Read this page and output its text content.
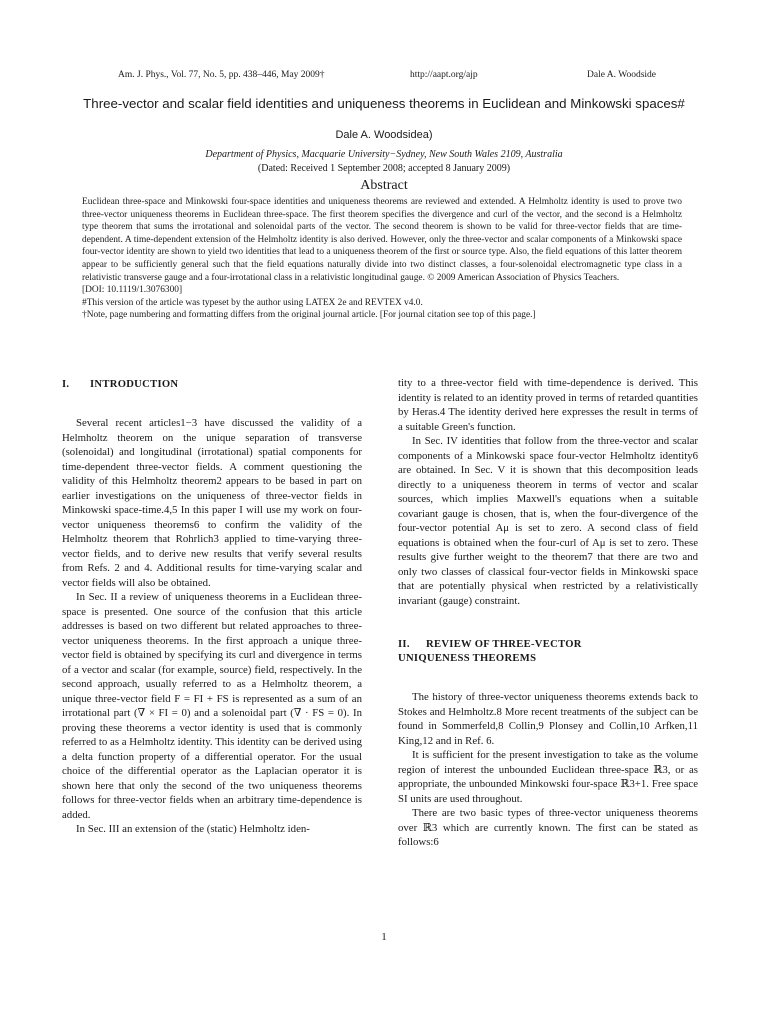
Am. J. Phys., Vol. 77, No. 5, pp. 438–446, May 2009†	http://aapt.org/ajp	Dale A. Woodside
Three-vector and scalar field identities and uniqueness theorems in Euclidean and Minkowski spaces#
Dale A. Woodsidea)
Department of Physics, Macquarie University−Sydney, New South Wales 2109, Australia
(Dated: Received 1 September 2008; accepted 8 January 2009)
Abstract

Euclidean three-space and Minkowski four-space identities and uniqueness theorems are reviewed and extended. A Helmholtz identity is used to prove two three-vector uniqueness theorems in Euclidean three-space. The first theorem specifies the divergence and curl of the vector, and the second is a Helmholtz type theorem that sums the irrotational and solenoidal parts of the vector. The second theorem is shown to be valid for three-vector fields that are time-dependent. A time-dependent extension of the Helmholtz identity is also derived. However, only the three-vector and scalar components of a Minkowski space four-vector identity are shown to yield two identities that lead to a uniqueness theorem of the first or source type. Also, the field equations of this latter theorem appear to be sufficiently general such that the field equations naturally divide into two distinct classes, a four-solenoidal electromagnetic type class in a relativistic transverse gauge and a four-irrotational class in a relativistic longitudinal gauge. © 2009 American Association of Physics Teachers.

[DOI: 10.1119/1.3076300]

#This version of the article was typeset by the author using LATEX 2e and REVTEX v4.0.

†Note, page numbering and formatting differs from the original journal article. [For journal citation see top of this page.]

I. INTRODUCTION

Several recent articles1−3 have discussed the validity of a Helmholtz theorem on the unique separation of transverse (solenoidal) and longitudinal (irrotational) spatial components for time-dependent three-vector fields. A comment questioning the validity of this Helmholtz theorem2 appears to be based in part on earlier investigations on the uniqueness of three-vector fields in Minkowski space-time.4,5 In this paper I will use my work on four-vector uniqueness theorems6 to confirm the validity of the Helmholtz theorem that Rohrlich3 applied to time-varying three-vector fields, and to derive new results that verify several results from Refs. 2 and 4. Additional results for time-varying scalar and vector fields will also be obtained.

In Sec. II a review of uniqueness theorems in a Euclidean three-space is presented. One source of the confusion that this article addresses is based on two different but related approaches to three-vector uniqueness theorems. In the first approach a unique three-vector field is obtained by specifying its curl and divergence in terms of a vector and scalar (for example, source) field, respectively. In the second approach, usually referred to as a Helmholtz theorem, a unique three-vector field F = FI + FS is represented as a sum of an irrotational part (∇ × FI = 0) and a solenoidal part (∇ · FS = 0). In proving these theorems a vector identity is used that is commonly referred to as a Helmholtz identity. This identity can be derived using a delta function property of a differential operator. For the usual choice of the differential operator as the Laplacian operator it is shown here that only the second of the two uniqueness theorems follows for three-vector fields when an arbitrary time-dependence is added.

In Sec. III an extension of the (static) Helmholtz iden-

tity to a three-vector field with time-dependence is derived. This identity is related to an identity proved in terms of retarded quantities by Heras.4 The identity derived here expresses the result in terms of a suitable Green's function.

In Sec. IV identities that follow from the three-vector and scalar components of a Minkowski space four-vector Helmholtz identity6 are obtained. In Sec. V it is shown that this decomposition leads directly to a uniqueness theorem in terms of vector and scalar sources, which implies Maxwell's equations when a suitable covariant gauge is chosen, that is, when the four-divergence of the four-vector potential Aμ is set to zero. A second class of field equations is obtained when the four-curl of Aμ is set to zero. These results give further weight to the theorem7 that there are two and only two classes of classical four-vector fields in Minkowski space that are potentially physical when restricted by a relativistically invariant (gauge) constraint.

II. REVIEW OF THREE-VECTOR
UNIQUENESS THEOREMS

The history of three-vector uniqueness theorems extends back to Stokes and Helmholtz.8 More recent treatments of the subject can be found in Sommerfeld,8 Collin,9 Plonsey and Collin,10 Arfken,11 King,12 and in Ref. 6.

It is sufficient for the present investigation to take as the volume region of interest the unbounded Euclidean three-space ℝ3, or as appropriate, the unbounded Minkowski four-space ℝ3+1. Free space SI units are used throughout.

There are two basic types of three-vector uniqueness theorems over ℝ3 which are currently known. The first can be stated as follows:6

1
